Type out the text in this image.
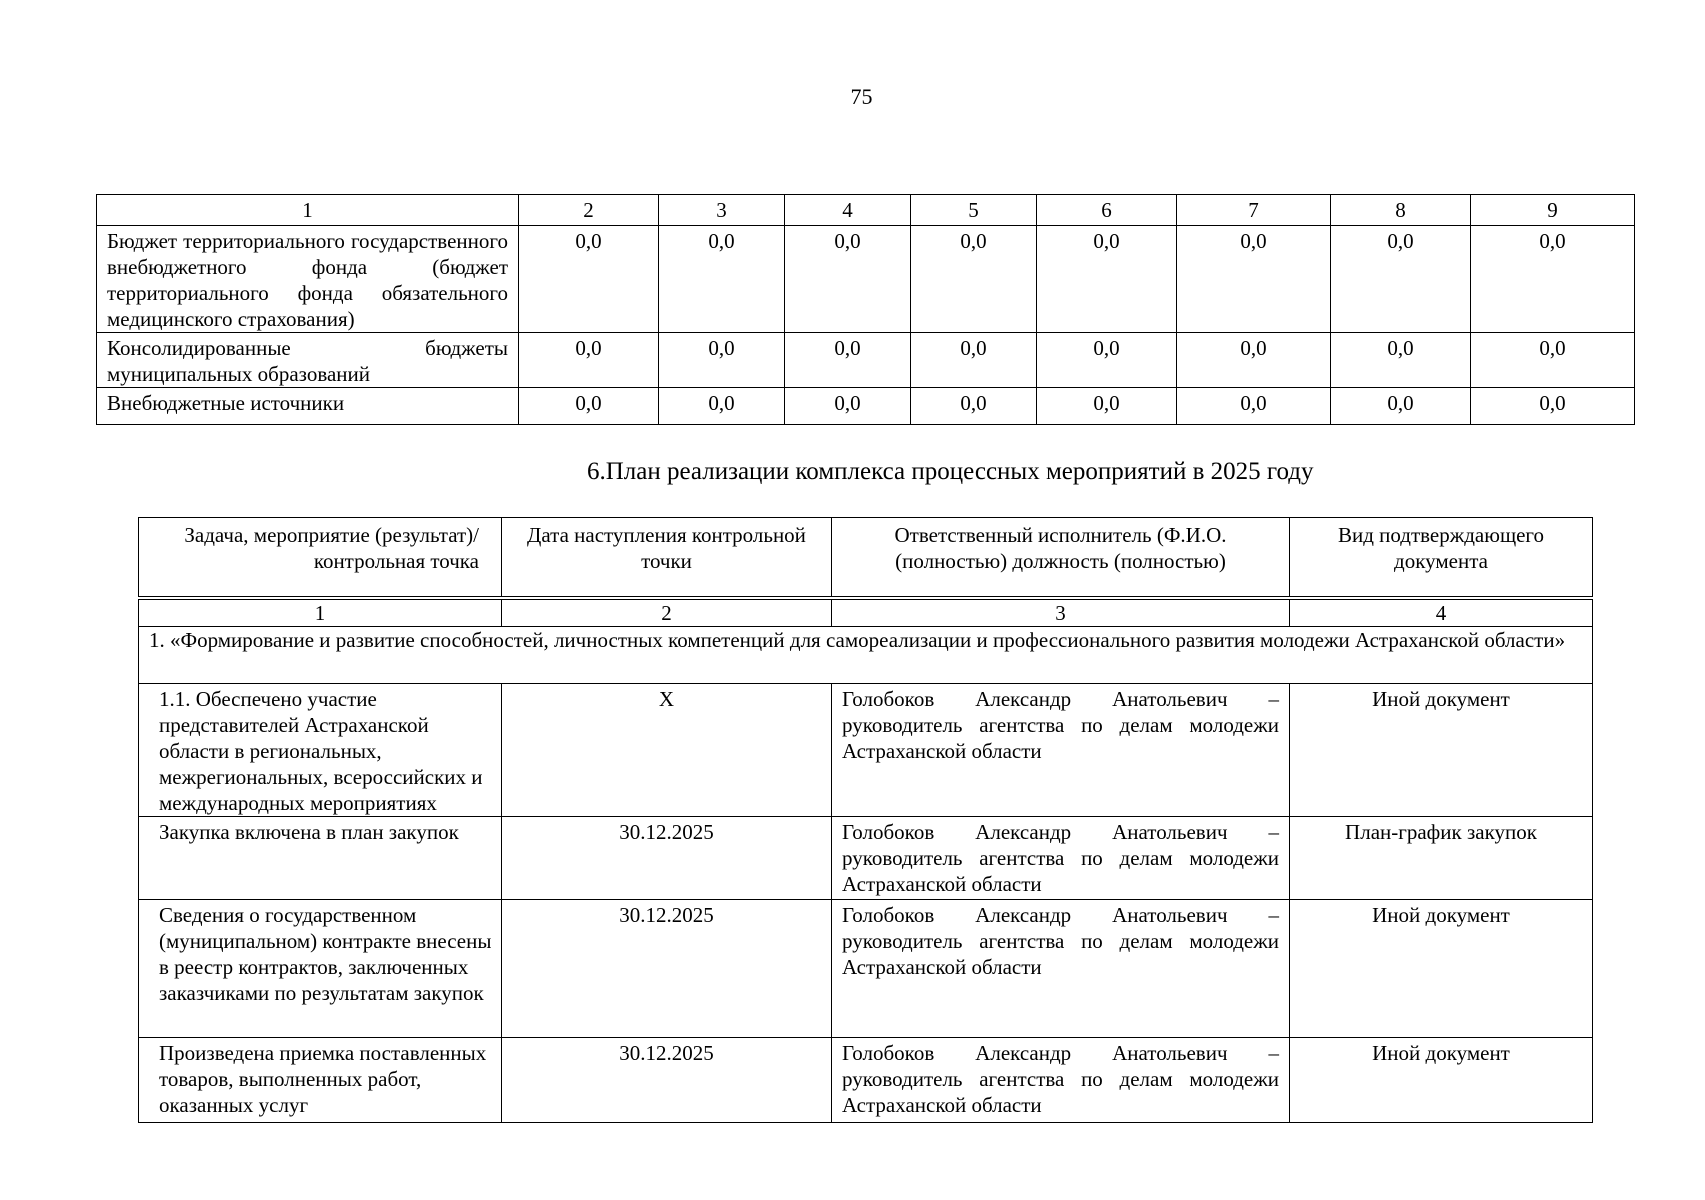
75
1	2	3	4	5	6	7	8	9
Бюджет территориального государственного внебюджетного фонда (бюджет территориального фонда обязательного медицинского страхования)	0,0	0,0	0,0	0,0	0,0	0,0	0,0	0,0
Консолидированные бюджеты муниципальных образований	0,0	0,0	0,0	0,0	0,0	0,0	0,0	0,0
Внебюджетные источники	0,0	0,0	0,0	0,0	0,0	0,0	0,0	0,0
6.План реализации комплекса процессных мероприятий в 2025 году
Задача, мероприятие (результат)/ контрольная точка	Дата наступления контрольной точки	Ответственный исполнитель (Ф.И.О. (полностью) должность (полностью)	Вид подтверждающего документа
1	2	3	4
1. «Формирование и развитие способностей, личностных компетенций для самореализации и профессионального развития молодежи Астраханской области»			
1.1. Обеспечено участие представителей Астраханской области в региональных, межрегиональных, всероссийских и международных мероприятиях	Х	Голобоков Александр Анатольевич – руководитель агентства по делам молодежи Астраханской области	Иной документ
Закупка включена в план закупок	30.12.2025	Голобоков Александр Анатольевич – руководитель агентства по делам молодежи Астраханской области	План-график закупок
Сведения о государственном (муниципальном) контракте внесены в реестр контрактов, заключенных заказчиками по результатам закупок	30.12.2025	Голобоков Александр Анатольевич – руководитель агентства по делам молодежи Астраханской области	Иной документ
Произведена приемка поставленных товаров, выполненных работ, оказанных услуг	30.12.2025	Голобоков Александр Анатольевич – руководитель агентства по делам молодежи Астраханской области	Иной документ
